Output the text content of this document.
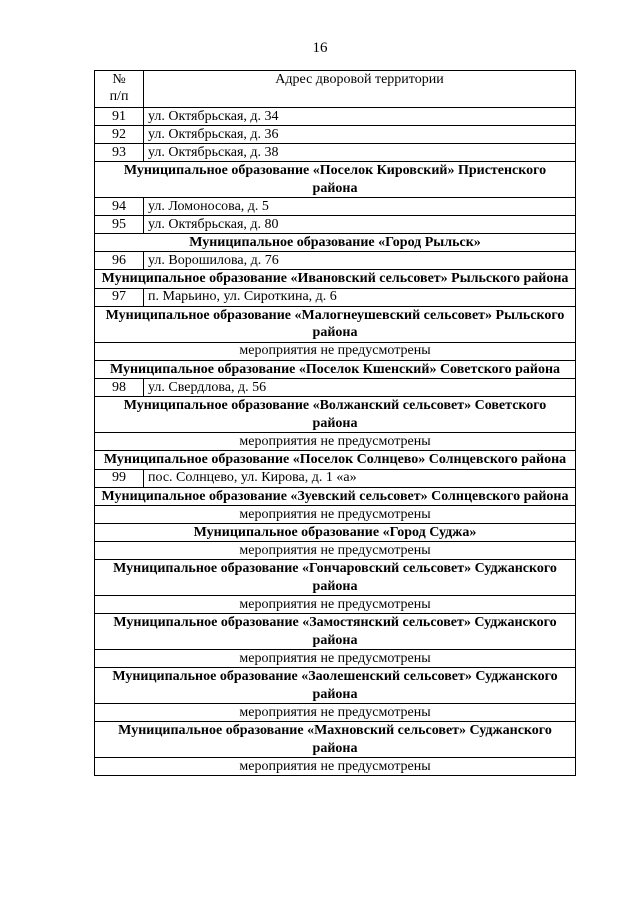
16
№
п/п	Адрес дворовой территории
91	ул. Октябрьская, д. 34
92	ул. Октябрьская, д. 36
93	ул. Октябрьская, д. 38
Муниципальное образование «Поселок Кировский» Пристенского района	
94	ул. Ломоносова, д. 5
95	ул. Октябрьская, д. 80
Муниципальное образование «Город Рыльск»	
96	ул. Ворошилова, д. 76
Муниципальное образование «Ивановский сельсовет» Рыльского района	
97	п. Марьино, ул. Сироткина, д. 6
Муниципальное образование «Малогнеушевский сельсовет» Рыльского района	
мероприятия не предусмотрены	
Муниципальное образование «Поселок Кшенский» Советского района	
98	ул. Свердлова, д. 56
Муниципальное образование «Волжанский сельсовет» Советского района	
мероприятия не предусмотрены	
Муниципальное образование «Поселок Солнцево» Солнцевского района	
99	пос. Солнцево, ул. Кирова, д. 1 «а»
Муниципальное образование «Зуевский сельсовет» Солнцевского района	
мероприятия не предусмотрены	
Муниципальное образование «Город Суджа»	
мероприятия не предусмотрены	
Муниципальное образование «Гончаровский сельсовет» Суджанского района	
мероприятия не предусмотрены	
Муниципальное образование «Замостянский сельсовет» Суджанского района	
мероприятия не предусмотрены	
Муниципальное образование «Заолешенский сельсовет» Суджанского района	
мероприятия не предусмотрены	
Муниципальное образование «Махновский сельсовет» Суджанского района	
мероприятия не предусмотрены	
